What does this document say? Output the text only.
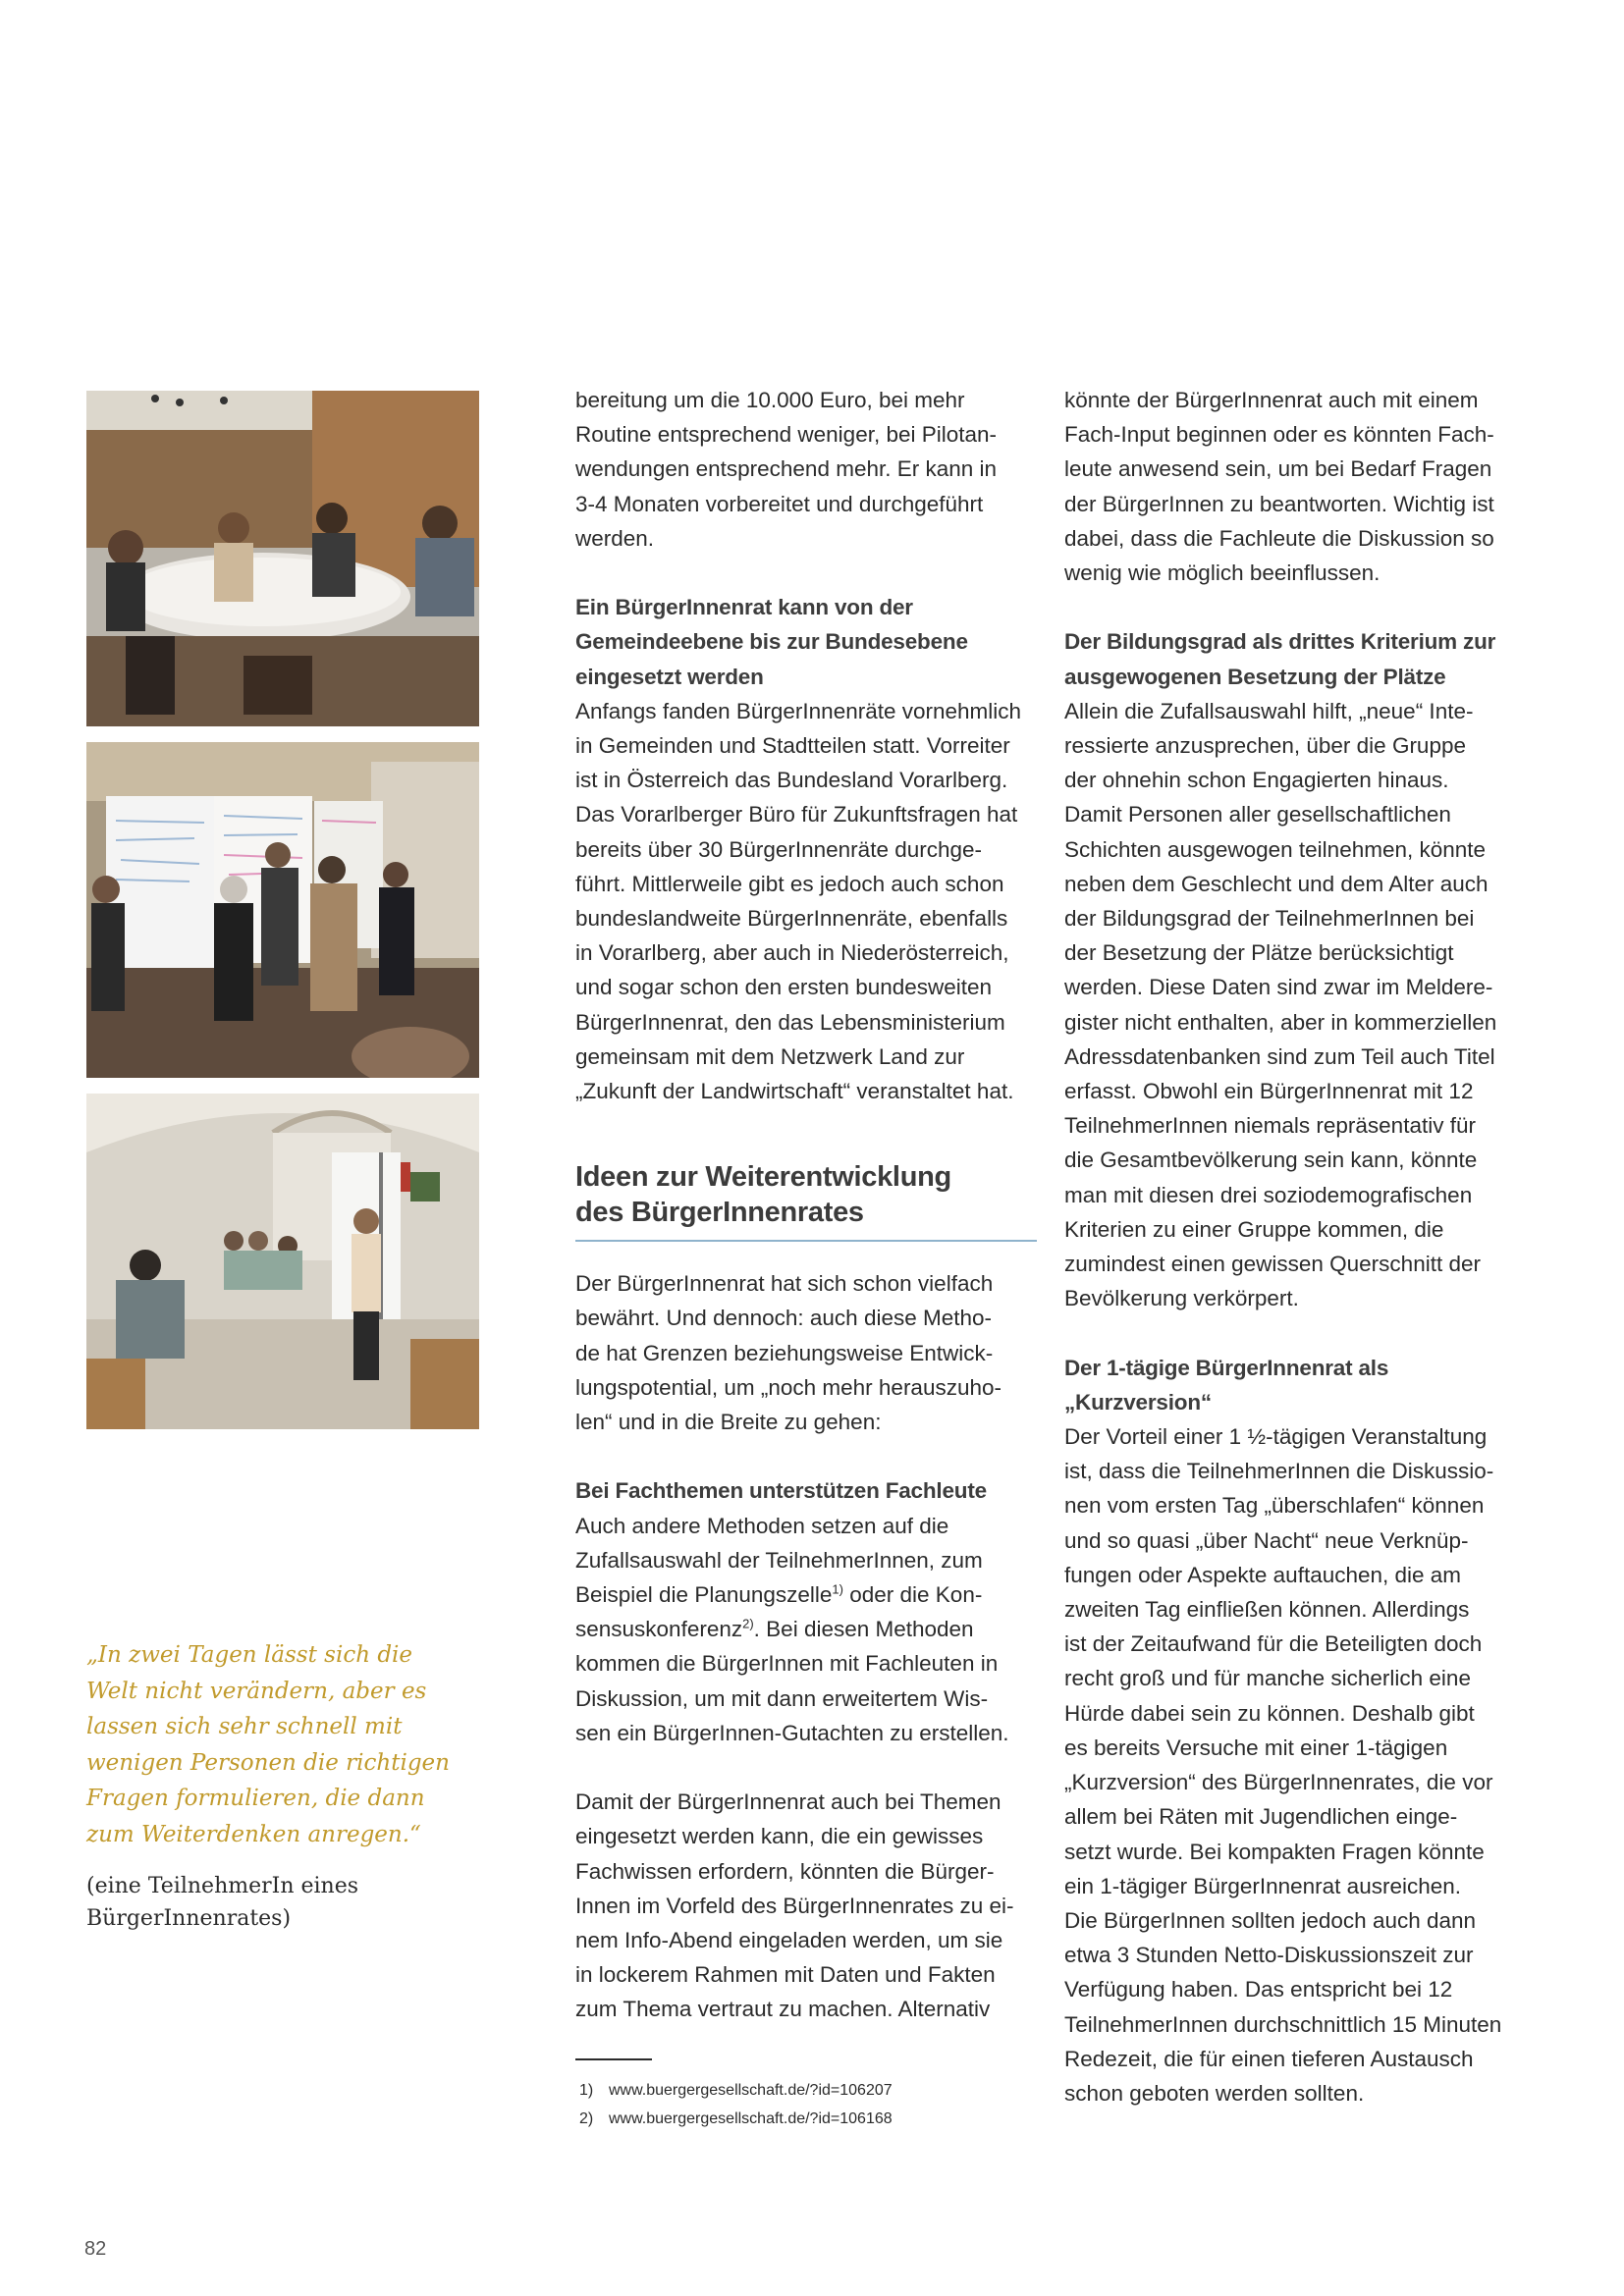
„In zwei Tagen lässt sich die
Welt nicht verändern, aber es
lassen sich sehr schnell mit
wenigen Personen die richtigen
Fragen formulieren, die dann
zum Weiterdenken anregen.“

(eine TeilnehmerIn eines
BürgerInnenrates)

bereitung um die 10.000 Euro, bei mehr
Routine entsprechend weniger, bei Pilotan-
wendungen entsprechend mehr. Er kann in
3-4 Monaten vorbereitet und durchgeführt
werden.

Ein BürgerInnenrat kann von der
Gemeindeebene bis zur Bundesebene
eingesetzt werden

Anfangs fanden BürgerInnenräte vornehmlich
in Gemeinden und Stadtteilen statt. Vorreiter
ist in Österreich das Bundesland Vorarlberg.
Das Vorarlberger Büro für Zukunftsfragen hat
bereits über 30 BürgerInnenräte durchge-
führt. Mittlerweile gibt es jedoch auch schon
bundeslandweite BürgerInnenräte, ebenfalls
in Vorarlberg, aber auch in Niederösterreich,
und sogar schon den ersten bundesweiten
BürgerInnenrat, den das Lebensministerium
gemeinsam mit dem Netzwerk Land zur
„Zukunft der Landwirtschaft“ veranstaltet hat.

Ideen zur Weiterentwicklung
des BürgerInnenrates

Der BürgerInnenrat hat sich schon vielfach
bewährt. Und dennoch: auch diese Metho-
de hat Grenzen beziehungsweise Entwick-
lungspotential, um „noch mehr herauszuho-
len“ und in die Breite zu gehen:

Bei Fachthemen unterstützen Fachleute

Auch andere Methoden setzen auf die
Zufallsauswahl der TeilnehmerInnen, zum
Beispiel die Planungszelle$^{1)}$ oder die Kon-
sensuskonferenz$^{2)}$. Bei diesen Methoden
kommen die BürgerInnen mit Fachleuten in
Diskussion, um mit dann erweitertem Wis-
sen ein BürgerInnen-Gutachten zu erstellen.

Damit der BürgerInnenrat auch bei Themen
eingesetzt werden kann, die ein gewisses
Fachwissen erfordern, könnten die Bürger-
Innen im Vorfeld des BürgerInnenrates zu ei-
nem Info-Abend eingeladen werden, um sie
in lockerem Rahmen mit Daten und Fakten
zum Thema vertraut zu machen. Alternativ

1) www.buergergesellschaft.de/?id=106207

2) www.buergergesellschaft.de/?id=106168

könnte der BürgerInnenrat auch mit einem
Fach-Input beginnen oder es könnten Fach-
leute anwesend sein, um bei Bedarf Fragen
der BürgerInnen zu beantworten. Wichtig ist
dabei, dass die Fachleute die Diskussion so
wenig wie möglich beeinflussen.

Der Bildungsgrad als drittes Kriterium zur
ausgewogenen Besetzung der Plätze

Allein die Zufallsauswahl hilft, „neue“ Inte-
ressierte anzusprechen, über die Gruppe
der ohnehin schon Engagierten hinaus.
Damit Personen aller gesellschaftlichen
Schichten ausgewogen teilnehmen, könnte
neben dem Geschlecht und dem Alter auch
der Bildungsgrad der TeilnehmerInnen bei
der Besetzung der Plätze berücksichtigt
werden. Diese Daten sind zwar im Meldere-
gister nicht enthalten, aber in kommerziellen
Adressdatenbanken sind zum Teil auch Titel
erfasst. Obwohl ein BürgerInnenrat mit 12
TeilnehmerInnen niemals repräsentativ für
die Gesamtbevölkerung sein kann, könnte
man mit diesen drei soziodemografischen
Kriterien zu einer Gruppe kommen, die
zumindest einen gewissen Querschnitt der
Bevölkerung verkörpert.

Der 1-tägige BürgerInnenrat als
„Kurzversion“

Der Vorteil einer 1 ½-tägigen Veranstaltung
ist, dass die TeilnehmerInnen die Diskussio-
nen vom ersten Tag „überschlafen“ können
und so quasi „über Nacht“ neue Verknüp-
fungen oder Aspekte auftauchen, die am
zweiten Tag einfließen können. Allerdings
ist der Zeitaufwand für die Beteiligten doch
recht groß und für manche sicherlich eine
Hürde dabei sein zu können. Deshalb gibt
es bereits Versuche mit einer 1-tägigen
„Kurzversion“ des BürgerInnenrates, die vor
allem bei Räten mit Jugendlichen einge-
setzt wurde. Bei kompakten Fragen könnte
ein 1-tägiger BürgerInnenrat ausreichen.
Die BürgerInnen sollten jedoch auch dann
etwa 3 Stunden Netto-Diskussionszeit zur
Verfügung haben. Das entspricht bei 12
TeilnehmerInnen durchschnittlich 15 Minuten
Redezeit, die für einen tieferen Austausch
schon geboten werden sollten.

82
